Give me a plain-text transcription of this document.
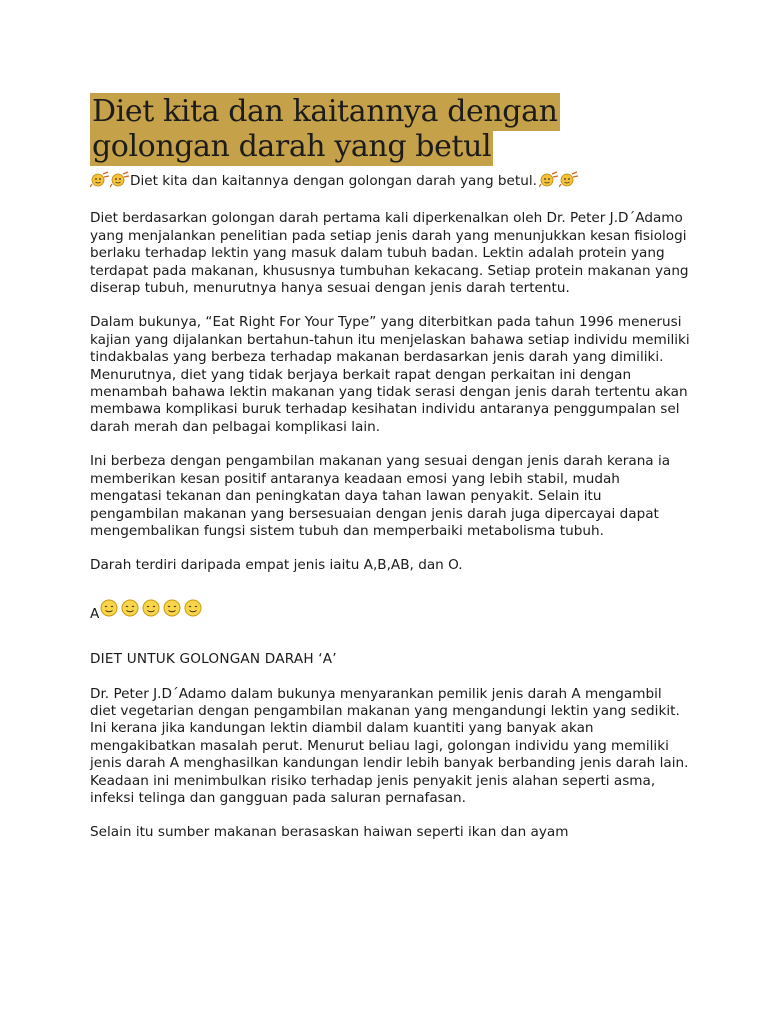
Diet kita dan kaitannya dengan golongan darah yang betul
Diet kita dan kaitannya dengan golongan darah yang betul.

Diet berdasarkan golongan darah pertama kali diperkenalkan oleh Dr. Peter J.D´Adamo yang menjalankan penelitian pada setiap jenis darah yang menunjukkan kesan fisiologi berlaku terhadap lektin yang masuk dalam tubuh badan. Lektin adalah protein yang terdapat pada makanan, khususnya tumbuhan kekacang. Setiap protein makanan yang diserap tubuh, menurutnya hanya sesuai dengan jenis darah tertentu.

Dalam bukunya, “Eat Right For Your Type” yang diterbitkan pada tahun 1996 menerusi kajian yang dijalankan bertahun-tahun itu menjelaskan bahawa setiap individu memiliki tindakbalas yang berbeza terhadap makanan berdasarkan jenis darah yang dimiliki. Menurutnya, diet yang tidak berjaya berkait rapat dengan perkaitan ini dengan menambah bahawa lektin makanan yang tidak serasi dengan jenis darah tertentu akan membawa komplikasi buruk terhadap kesihatan individu antaranya penggumpalan sel darah merah dan pelbagai komplikasi lain.

Ini berbeza dengan pengambilan makanan yang sesuai dengan jenis darah kerana ia memberikan kesan positif antaranya keadaan emosi yang lebih stabil, mudah mengatasi tekanan dan peningkatan daya tahan lawan penyakit. Selain itu pengambilan makanan yang bersesuaian dengan jenis darah juga dipercayai dapat mengembalikan fungsi sistem tubuh dan memperbaiki metabolisma tubuh.

Darah terdiri daripada empat jenis iaitu A,B,AB, dan O.

A
DIET UNTUK GOLONGAN DARAH ‘A’

Dr. Peter J.D´Adamo dalam bukunya menyarankan pemilik jenis darah A mengambil diet vegetarian dengan pengambilan makanan yang mengandungi lektin yang sedikit. Ini kerana jika kandungan lektin diambil dalam kuantiti yang banyak akan mengakibatkan masalah perut. Menurut beliau lagi, golongan individu yang memiliki jenis darah A menghasilkan kandungan lendir lebih banyak berbanding jenis darah lain. Keadaan ini menimbulkan risiko terhadap jenis penyakit jenis alahan seperti asma, infeksi telinga dan gangguan pada saluran pernafasan.

Selain itu sumber makanan berasaskan haiwan seperti ikan dan ayam
